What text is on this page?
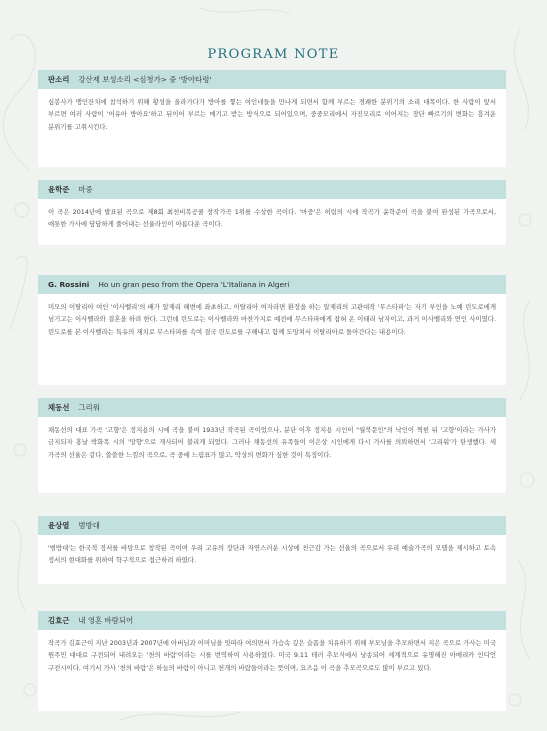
PROGRAM NOTE
판소리 강산제 보성소리 <심청가> 중 '방아타령'
심봉사가 맹인잔치에 참석하기 위해 황성을 올라가다가 방아를 찧는 여인네들을 만나게 되면서 함께 부르는 경쾌한 분위기의 소리 대목이다. 한 사람이 앞서 부르면 여러 사람이 '어유아 방아요'하고 뒤이어 부르는 메기고 받는 방식으로 되어있으며, 중중모리에서 자진모리로 이어지는 장단 빠르기의 변화는 흥겨운 분위기를 고취시킨다.
윤학준 마중
이 곡은 2014년에 발표된 곡으로 제8회 최천비목공쿨 창작가곡 1위를 수상한 곡이다. '마중'은 허림의 시에 작곡가 윤학준이 곡을 붙여 완성된 가곡으로서, 애틋한 가사에 담담하게 풀어내는 선율라인이 아름다운 곡이다.
G. Rossini Ho un gran peso from the Opera 'L'Italiana in Algeri
미모의 이탈리아 여인 '이사벨리'의 배가 알제리 해변에 좌초하고, 이탈리아 여자라면 환장을 하는 알제리의 고관대작 '무스타파'는 자기 부인을 노예 린도로에게 넘기고는 이사벨라와 결혼을 하려 한다. 그런데 린도로는 이사벨라와 마찬가지로 예전에 무스타파에게 잡혀 온 이태리 남자이고, 과거 이사벨리와 연인 사이였다. 린도로를 본 이사벨라는 특유의 재치로 무스타파를 속여 결국 린도로를 구해내고 함께 도망쳐서 이탈리아로 돌아간다는 내용이다.
채동선 그리워
채동선의 대표 가곡 '고향'은 정지용의 시에 곡을 붙여 1933년 작곡된 곡이었으나, 분단 이후 정지용 시인이 "월북문인"의 낙인이 찍힌 뒤 '고향'이라는 가사가 금지되자 홍날 박화목 시의 '망향'으로 개사되어 불리게 되었다. 그러나 채동선의 유족들이 이은상 시인에게 다시 가사를 의뢰하면서 '그리워'가 탄생했다. 세 가곡의 선율은 같다. 쓸쓸한 느낌의 곡으로, 곡 중에 느림표가 많고, 악상의 변화가 심한 것이 특징이다.
윤상열 범방대
'범방대'는 한국적 정서를 바탕으로 창작된 곡이며 우리 고유의 장단과 자연스러운 시상에 친근감 가는 선율의 곡으로서 우리 예술가곡의 모델을 제시하고 토속 정서의 현대화를 위하여 학구적으로 접근하려 하였다.
김효근 내 영혼 바람되어
작곡가 김효근이 지난 2003년과 2007년에 아버님과 어머님을 잇따라 여의면서 가슴속 깊은 슬픔을 치유하기 위해 부모님을 추모하면서 지은 곡으로 가사는 미국 원주민 대대로 구전되어 내려오는 '천의 바람'이라는 시를 번역하여 사용하였다. 미국 9.11 테러 추모식에서 낭송되어 세계적으로 유명해진 아메리카 인디언 구전시이다. 여기서 가사 '천의 바람'은 하늘의 바람이 아니고 천개의 바람들이라는 뜻이며, 요즈음 이 곡을 추모곡으로도 많이 부르고 있다.
